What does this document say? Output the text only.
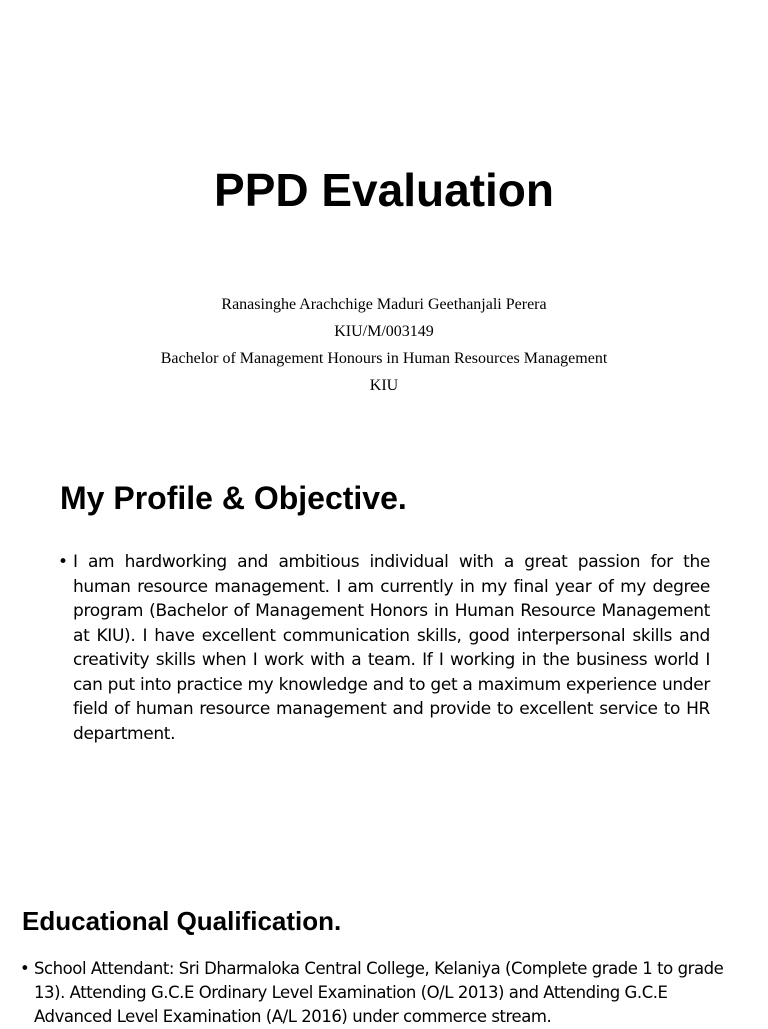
PPD Evaluation
Ranasinghe Arachchige Maduri Geethanjali Perera
KIU/M/003149
Bachelor of Management Honours in Human Resources Management
KIU
My Profile & Objective.
• I am hardworking and ambitious individual with a great passion for the human resource management. I am currently in my final year of my degree program (Bachelor of Management Honors in Human Resource Management at KIU). I have excellent communication skills, good interpersonal skills and creativity skills when I work with a team. If I working in the business world I can put into practice my knowledge and to get a maximum experience under field of human resource management and provide to excellent service to HR department.
Educational Qualification.
• School Attendant: Sri Dharmaloka Central College, Kelaniya (Complete grade 1 to grade 13). Attending G.C.E Ordinary Level Examination (O/L 2013) and Attending G.C.E Advanced Level Examination (A/L 2016) under commerce stream.
